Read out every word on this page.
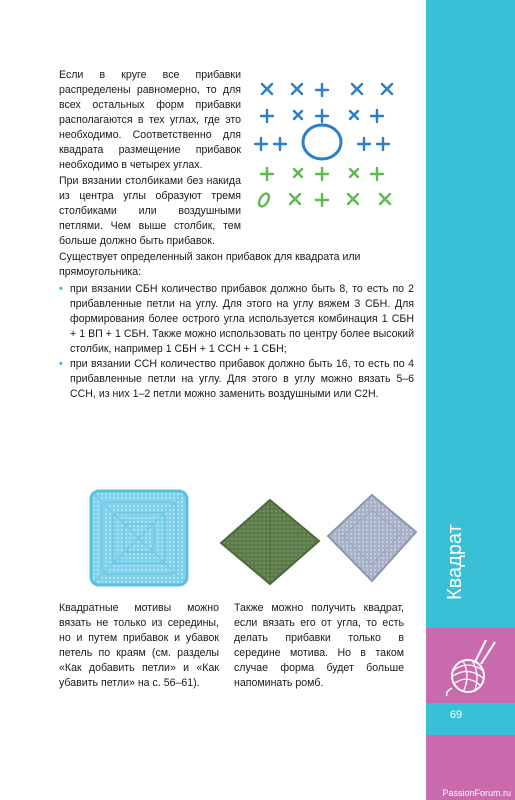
Квадрат
69
PassionForum.ru
Если в круге все прибавки распределены равномерно, то для всех остальных форм прибавки располагаются в тех углах, где это необходимо. Соответственно для квадрата размещение прибавок необходимо в четырех углах.
При вязании столбиками без накида из центра углы образуют тремя столбиками или воздушными петлями. Чем выше столбик, тем больше должно быть прибавок.
Существует определенный закон прибавок для квадрата или прямоугольника:
• при вязании СБН количество прибавок должно быть 8, то есть по 2 прибавленные петли на углу. Для этого на углу вяжем 3 СБН. Для формирования более острого угла используется комбинация 1 СБН + 1 ВП + 1 СБН. Также можно использовать по центру более высокий столбик, например 1 СБН + 1 ССН + 1 СБН;
• при вязании ССН количество прибавок должно быть 16, то есть по 4 прибавленные петли на углу. Для этого в углу можно вязать 5–6 ССН, из них 1–2 петли можно заменить воздушными или С2Н.
Квадратные мотивы можно вязать не только из середины, но и путем прибавок и убавок петель по краям (см. разделы «Как добавить петли» и «Как убавить петли» на с. 56–61).
Также можно получить квадрат, если вязать его от угла, то есть делать прибавки только в середине мотива. Но в таком случае форма будет больше напоминать ромб.
